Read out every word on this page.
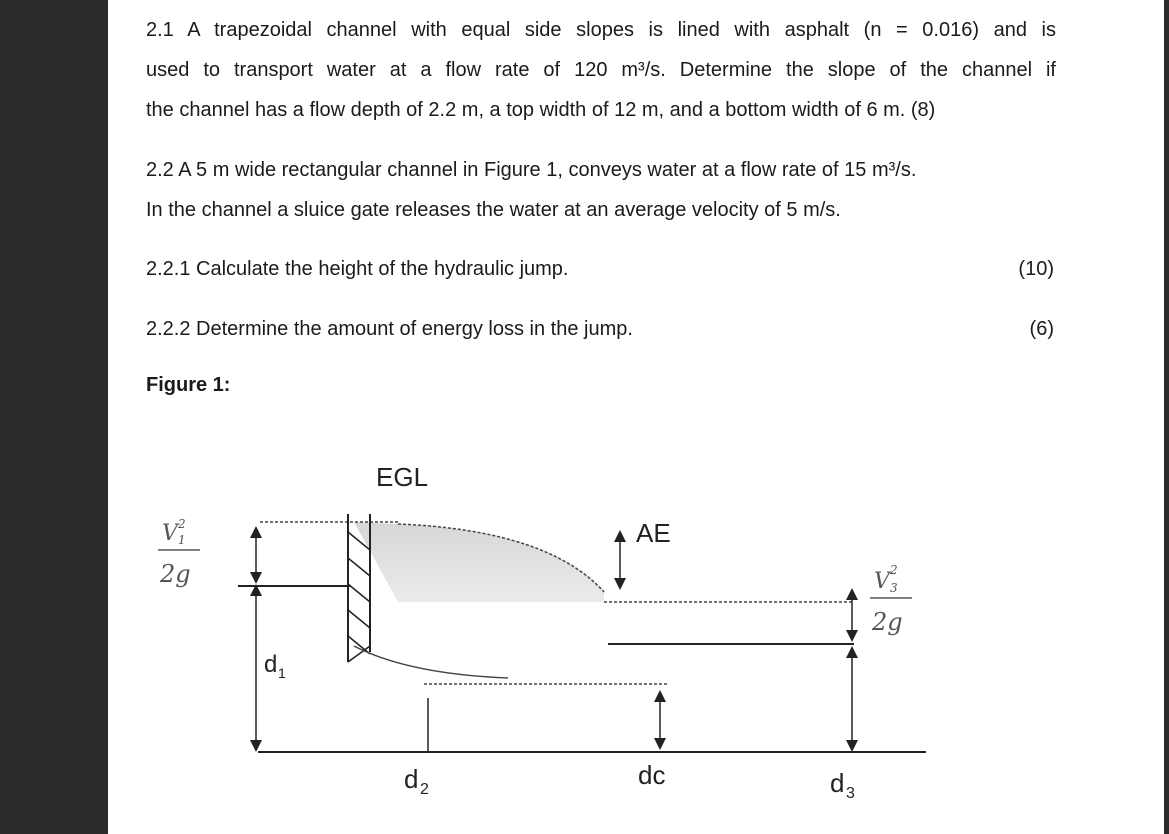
2.1 A trapezoidal channel with equal side slopes is lined with asphalt (n = 0.016) and is
used to transport water at a flow rate of 120 m³/s. Determine the slope of the channel if
the channel has a flow depth of 2.2 m, a top width of 12 m, and a bottom width of 6 m. (8)

2.2 A 5 m wide rectangular channel in Figure 1, conveys water at a flow rate of 15 m³/s.
In the channel a sluice gate releases the water at an average velocity of 5 m/s.

2.2.1 Calculate the height of the hydraulic jump.	(10)
2.2.2 Determine the amount of energy loss in the jump.	(6)
Figure 1:
EGL
AE
V 2
1
2g	V 2
3
2g
d 1
d 2	dc	d 3
